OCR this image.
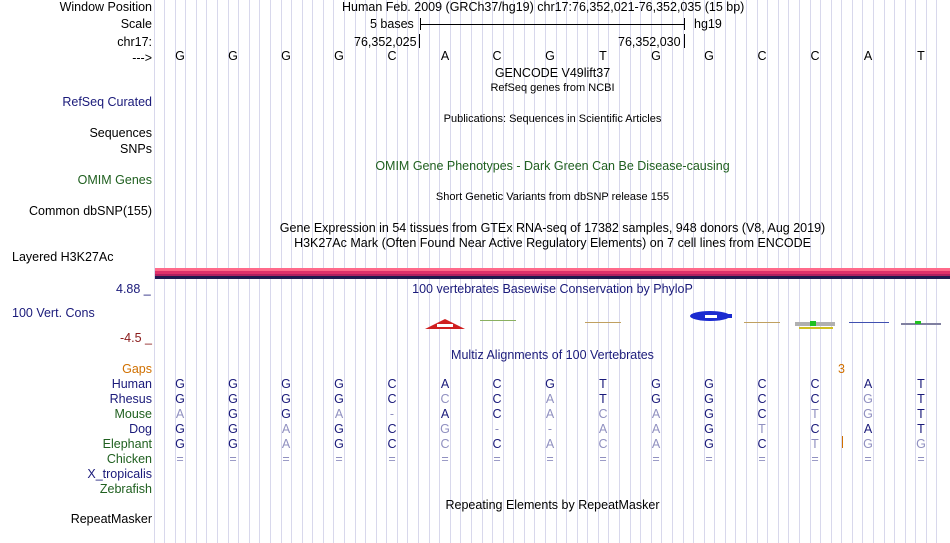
Window Position	Human Feb. 2009 (GRCh37/hg19) chr17:76,352,021-76,352,035 (15 bp)
Scale	5 bases	hg19
chr17:	76,352,025	76,352,030
--->	G	G	G	G	C	A	C	G	T	G	G	C	C	A	T
GENCODE V49lift37
RefSeq genes from NCBI
RefSeq Curated
Publications: Sequences in Scientific Articles
Sequences
SNPs
OMIM Gene Phenotypes - Dark Green Can Be Disease-causing
OMIM Genes
Short Genetic Variants from dbSNP release 155
Common dbSNP(155)
Gene Expression in 54 tissues from GTEx RNA-seq of 17382 samples, 948 donors (V8, Aug 2019)
H3K27Ac Mark (Often Found Near Active Regulatory Elements) on 7 cell lines from ENCODE
Layered H3K27Ac
100 vertebrates Basewise Conservation by PhyloP
4.88 _
100 Vert. Cons
-4.5 _
Multiz Alignments of 100 Vertebrates
Gaps	3
Human	G	G	G	G	C	A	C	G	T	G	G	C	C	A	T
Rhesus	G	G	G	G	C	C	C	A	T	G	G	C	C	G	T
Mouse	A	G	G	A	-	A	C	A	C	A	G	C	T	G	T
Dog	G	G	A	G	C	G	-	-	A	A	G	T	C	A	T
Elephant	G	G	A	G	C	C	C	A	C	A	G	C	T	G	G
Chicken	=	=	=	=	=	=	=	=	=	=	=	=	=	=	=
X_tropicalis
Zebrafish
Repeating Elements by RepeatMasker
RepeatMasker
